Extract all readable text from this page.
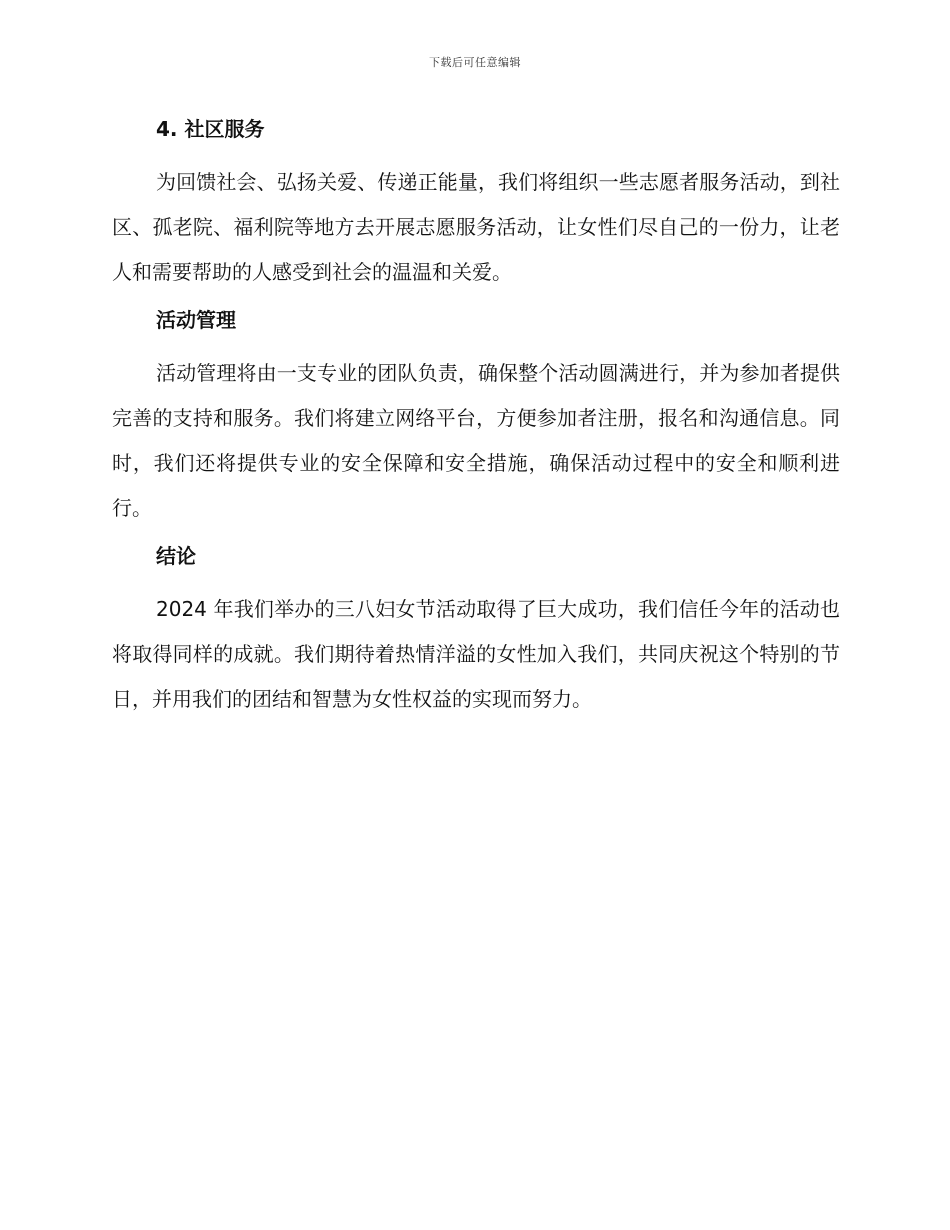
下载后可任意编辑
4. 社区服务

为回馈社会、弘扬关爱、传递正能量，我们将组织一些志愿者服务活动，到社区、孤老院、福利院等地方去开展志愿服务活动，让女性们尽自己的一份力，让老人和需要帮助的人感受到社会的温温和关爱。

活动管理

活动管理将由一支专业的团队负责，确保整个活动圆满进行，并为参加者提供完善的支持和服务。我们将建立网络平台，方便参加者注册，报名和沟通信息。同时，我们还将提供专业的安全保障和安全措施，确保活动过程中的安全和顺利进行。

结论

2024 年我们举办的三八妇女节活动取得了巨大成功，我们信任今年的活动也将取得同样的成就。我们期待着热情洋溢的女性加入我们，共同庆祝这个特别的节日，并用我们的团结和智慧为女性权益的实现而努力。
